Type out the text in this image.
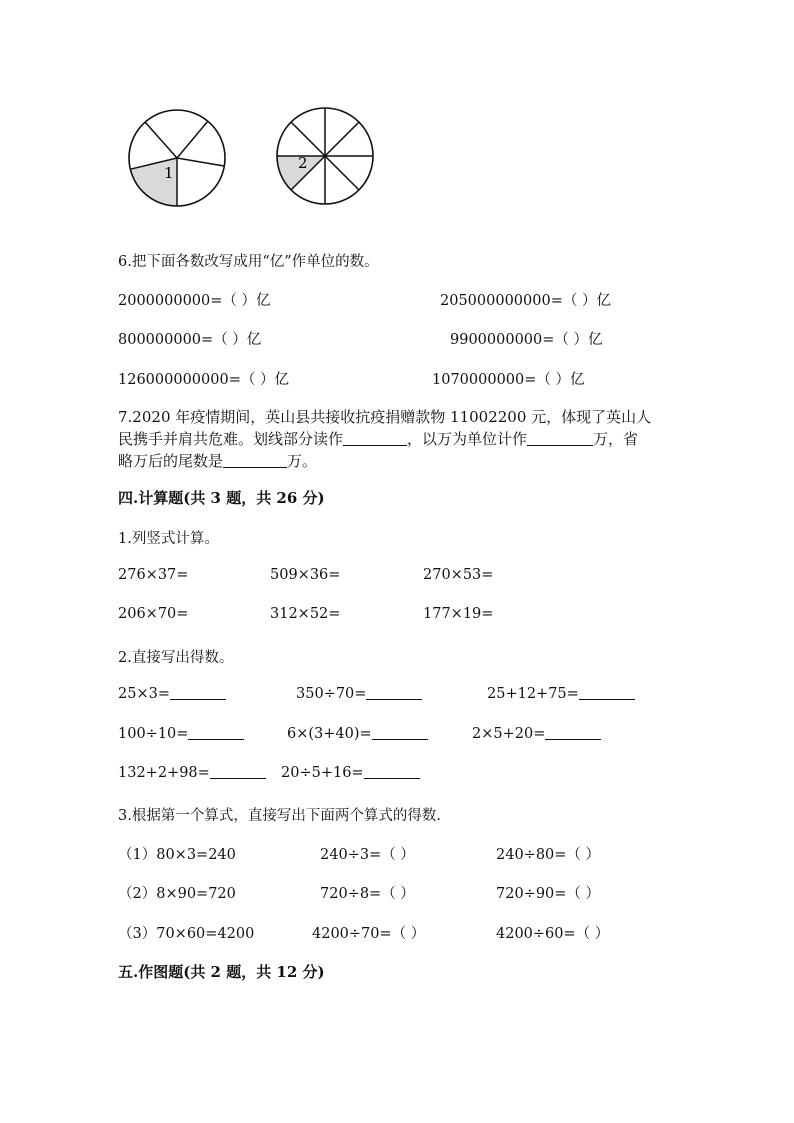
1
2
6.把下面各数改写成用“亿”作单位的数。
2000000000=（ ）亿	205000000000=（ ）亿
800000000=（ ）亿	9900000000=（ ）亿
126000000000=（ ）亿	1070000000=（ ）亿
7.2020 年疫情期间，英山县共接收抗疫捐赠款物 11002200 元，体现了英山人
民携手并肩共危难。划线部分读作	，以万为单位计作	万，省
略万后的尾数是	万。
四.计算题(共 3 题，共 26 分)
1.列竖式计算。
276×37=	509×36=	270×53=
206×70=	312×52=	177×19=
2.直接写出得数。
25×3=	350÷70=	25+12+75=
100÷10=	6×(3+40)=	2×5+20=
132+2+98=	20÷5+16=
3.根据第一个算式，直接写出下面两个算式的得数.
（1）80×3=240	240÷3=（ ）	240÷80=（ ）
（2）8×90=720	720÷8=（ ）	720÷90=（ ）
（3）70×60=4200	4200÷70=（ ）	4200÷60=（ ）
五.作图题(共 2 题，共 12 分)
